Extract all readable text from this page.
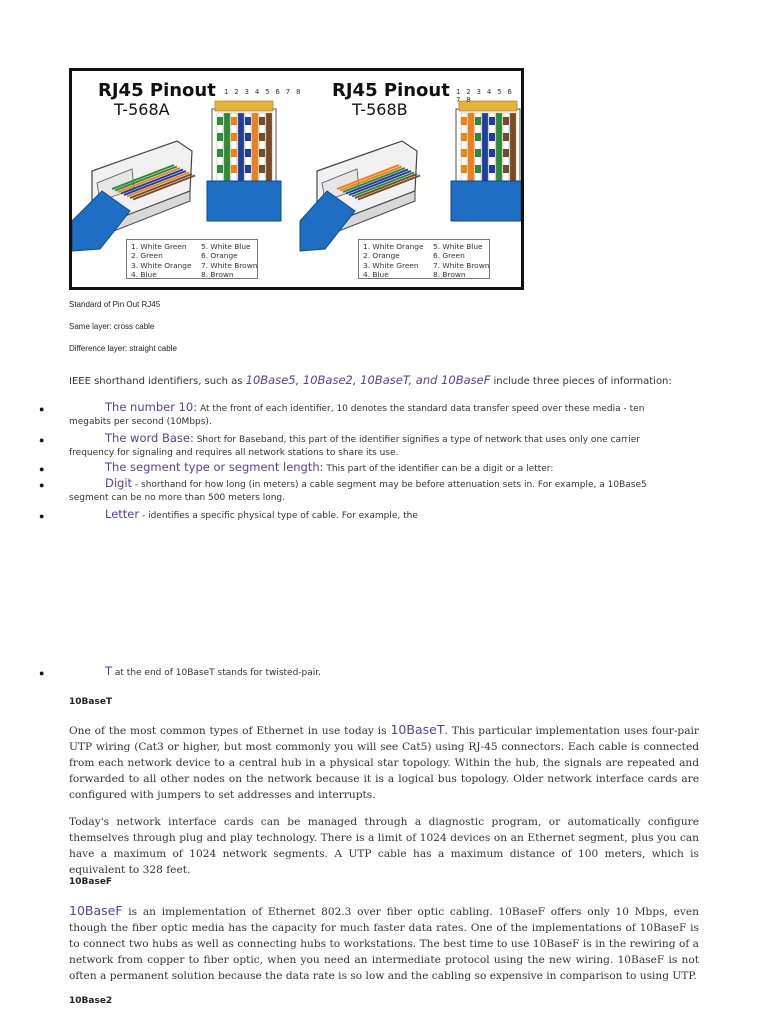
RJ45 Pinout
T-568A
1 2 3 4 5 6 7 8
1. White Green	5. White Blue
2. Green	6. Orange
3. White Orange	7. White Brown
4. Blue	8. Brown
RJ45 Pinout
T-568B
1 2 3 4 5 6 7 8
1. White Orange	5. White Blue
2. Orange	6. Green
3. White Green	7. White Brown
4. Blue	8. Brown
Standard of Pin Out RJ45
Same layer: cross cable
Difference layer: straight cable
IEEE shorthand identifiers, such as 10Base5, 10Base2, 10BaseT, and 10BaseF include three pieces of information:
●	The number 10: At the front of each identifier, 10 denotes the standard data transfer speed over these media - ten megabits per second (10Mbps).
●	The word Base: Short for Baseband, this part of the identifier signifies a type of network that uses only one carrier frequency for signaling and requires all network stations to share its use.
●	The segment type or segment length: This part of the identifier can be a digit or a letter:
●	Digit - shorthand for how long (in meters) a cable segment may be before attenuation sets in. For example, a 10Base5 segment can be no more than 500 meters long.
●	Letter - identifies a specific physical type of cable. For example, the
●	T at the end of 10BaseT stands for twisted-pair.
10BaseT
One of the most common types of Ethernet in use today is 10BaseT. This particular implementation uses four-pair UTP wiring (Cat3 or higher, but most commonly you will see Cat5) using RJ-45 connectors. Each cable is connected from each network device to a central hub in a physical star topology. Within the hub, the signals are repeated and forwarded to all other nodes on the network because it is a logical bus topology. Older network interface cards are configured with jumpers to set addresses and interrupts.
Today's network interface cards can be managed through a diagnostic program, or automatically configure themselves through plug and play technology. There is a limit of 1024 devices on an Ethernet segment, plus you can have a maximum of 1024 network segments. A UTP cable has a maximum distance of 100 meters, which is equivalent to 328 feet.
10BaseF
10BaseF is an implementation of Ethernet 802.3 over fiber optic cabling. 10BaseF offers only 10 Mbps, even though the fiber optic media has the capacity for much faster data rates. One of the implementations of 10BaseF is to connect two hubs as well as connecting hubs to workstations. The best time to use 10BaseF is in the rewiring of a network from copper to fiber optic, when you need an intermediate protocol using the new wiring. 10BaseF is not often a permanent solution because the data rate is so low and the cabling so expensive in comparison to using UTP.
10Base2
